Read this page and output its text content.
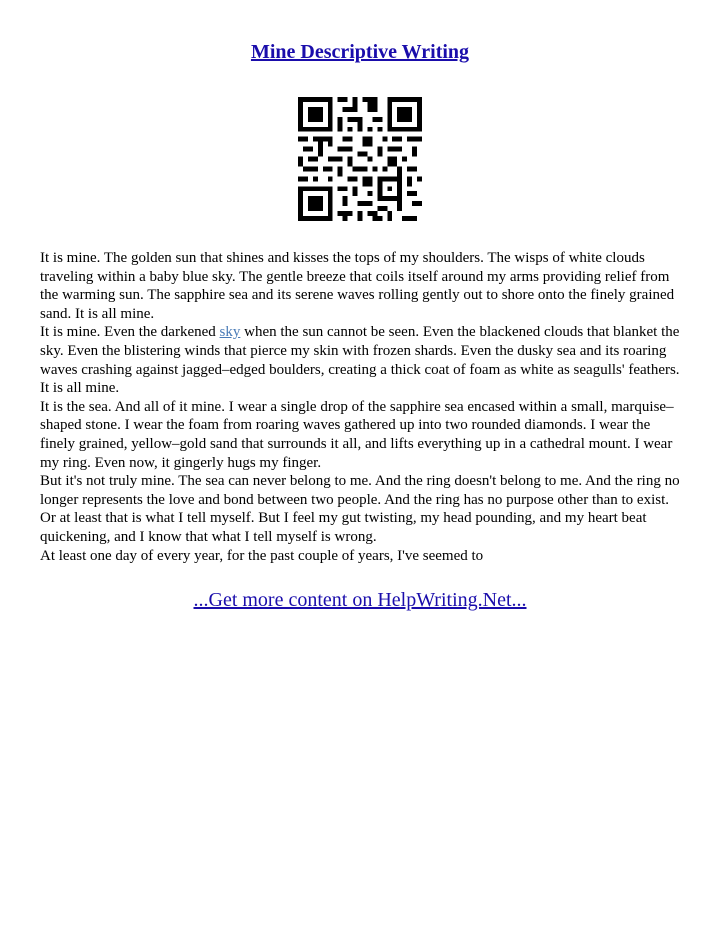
Mine Descriptive Writing

It is mine. The golden sun that shines and kisses the tops of my shoulders. The wisps of white clouds traveling within a baby blue sky. The gentle breeze that coils itself around my arms providing relief from the warming sun. The sapphire sea and its serene waves rolling gently out to shore onto the finely grained sand. It is all mine.

It is mine. Even the darkened sky when the sun cannot be seen. Even the blackened clouds that blanket the sky. Even the blistering winds that pierce my skin with frozen shards. Even the dusky sea and its roaring waves crashing against jagged–edged boulders, creating a thick coat of foam as white as seagulls' feathers. It is all mine.

It is the sea. And all of it mine. I wear a single drop of the sapphire sea encased within a small, marquise–shaped stone. I wear the foam from roaring waves gathered up into two rounded diamonds. I wear the finely grained, yellow–gold sand that surrounds it all, and lifts everything up in a cathedral mount. I wear my ring. Even now, it gingerly hugs my finger.

But it's not truly mine. The sea can never belong to me. And the ring doesn't belong to me. And the ring no longer represents the love and bond between two people. And the ring has no purpose other than to exist. Or at least that is what I tell myself. But I feel my gut twisting, my head pounding, and my heart beat quickening, and I know that what I tell myself is wrong.

At least one day of every year, for the past couple of years, I've seemed to

...Get more content on HelpWriting.Net...
